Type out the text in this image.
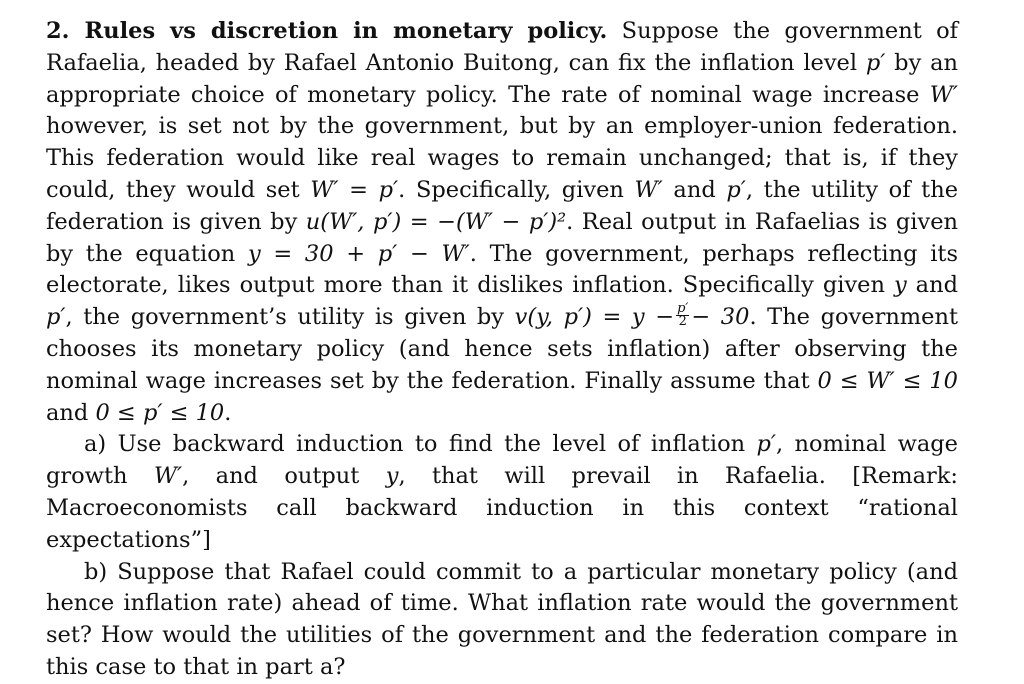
2. Rules vs discretion in monetary policy. Suppose the government of Rafaelia, headed by Rafael Antonio Buitong, can fix the inflation level p′ by an appropriate choice of monetary policy. The rate of nominal wage increase W′ however, is set not by the government, but by an employer-union federation. This federation would like real wages to remain unchanged; that is, if they could, they would set W′ = p′. Specifically, given W′ and p′, the utility of the federation is given by u(W′, p′) = −(W′ − p′)². Real output in Rafaelias is given by the equation y = 30 + p′ − W′. The government, perhaps reflecting its electorate, likes output more than it dislikes inflation. Specifically given y and p′, the government’s utility is given by v(y, $p') = y - \frac{p'}{2} - 30$. The government chooses its monetary policy (and hence sets inflation) after observing the nominal wage increases set by the federation. Finally assume that 0 ≤ W′ ≤ 10 and 0 ≤ p′ ≤ 10.

a) Use backward induction to find the level of inflation p′, nominal wage growth W′, and output y, that will prevail in Rafaelia. [Remark: Macroeconomists call backward induction in this context “rational expectations”]

b) Suppose that Rafael could commit to a particular monetary policy (and hence inflation rate) ahead of time. What inflation rate would the government set? How would the utilities of the government and the federation compare in this case to that in part a?
